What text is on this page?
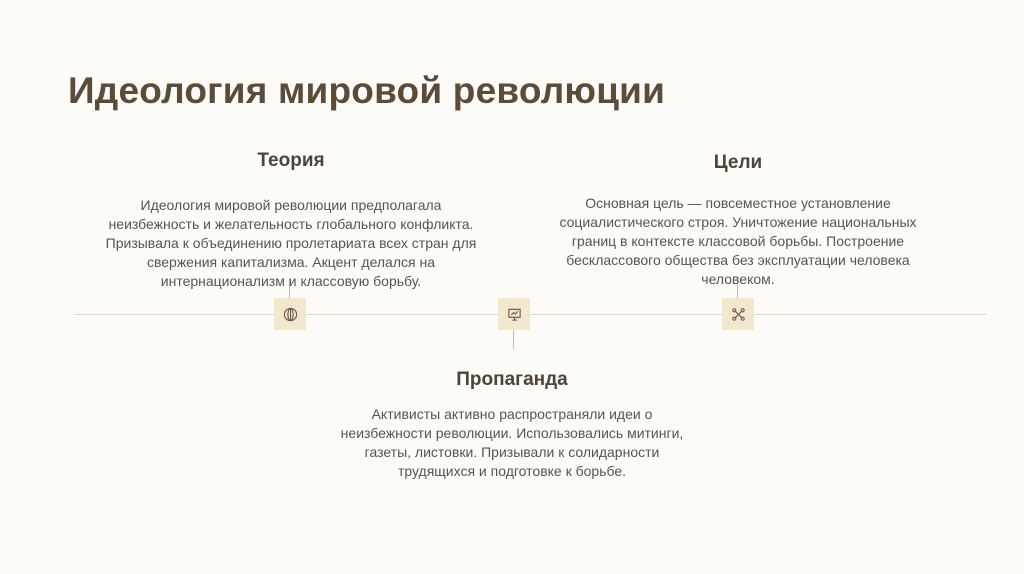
Идеология мировой революции
Теория

Идеология мировой революции предполагала
неизбежность и желательность глобального конфликта.
Призывала к объединению пролетариата всех стран для
свержения капитализма. Акцент делался на
интернационализм и классовую борьбу.

Пропаганда

Активисты активно распространяли идеи о
неизбежности революции. Использовались митинги,
газеты, листовки. Призывали к солидарности
трудящихся и подготовке к борьбе.

Цели

Основная цель — повсеместное установление
социалистического строя. Уничтожение национальных
границ в контексте классовой борьбы. Построение
бесклассового общества без эксплуатации человека
человеком.
